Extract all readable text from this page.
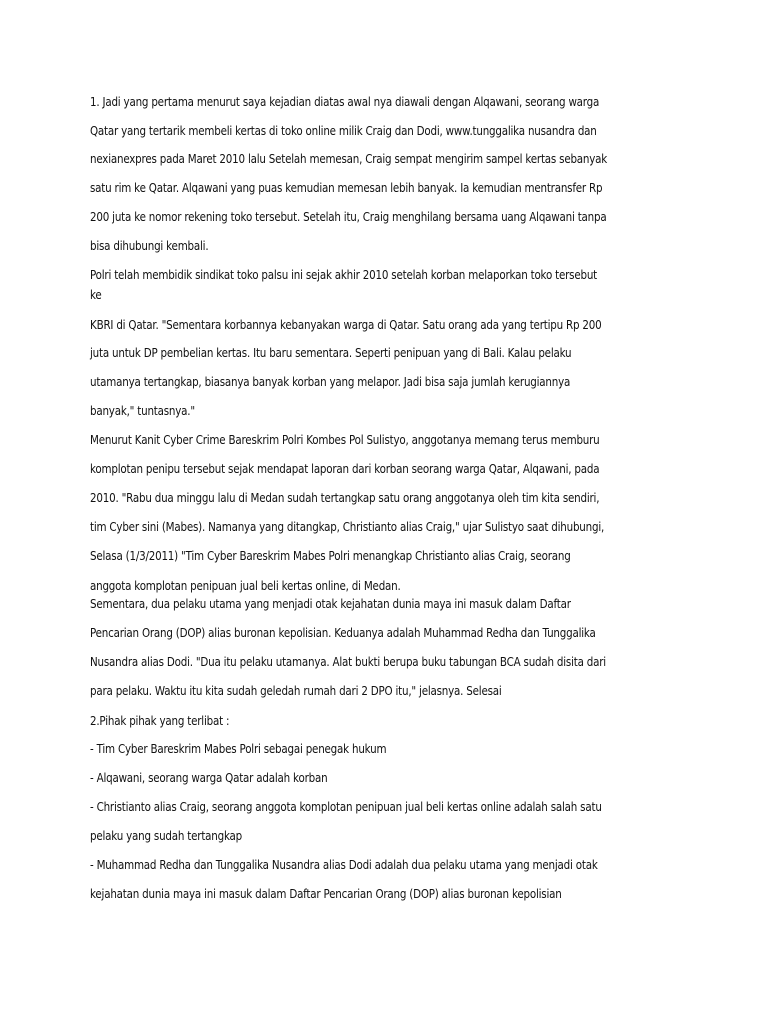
1. Jadi yang pertama menurut saya kejadian diatas awal nya diawali dengan Alqawani, seorang warga

Qatar yang tertarik membeli kertas di toko online milik Craig dan Dodi, www.tunggalika nusandra dan

nexianexpres pada Maret 2010 lalu Setelah memesan, Craig sempat mengirim sampel kertas sebanyak

satu rim ke Qatar. Alqawani yang puas kemudian memesan lebih banyak. Ia kemudian mentransfer Rp

200 juta ke nomor rekening toko tersebut. Setelah itu, Craig menghilang bersama uang Alqawani tanpa

bisa dihubungi kembali.

Polri telah membidik sindikat toko palsu ini sejak akhir 2010 setelah korban melaporkan toko tersebut

ke

KBRI di Qatar. "Sementara korbannya kebanyakan warga di Qatar. Satu orang ada yang tertipu Rp 200

juta untuk DP pembelian kertas. Itu baru sementara. Seperti penipuan yang di Bali. Kalau pelaku

utamanya tertangkap, biasanya banyak korban yang melapor. Jadi bisa saja jumlah kerugiannya

banyak," tuntasnya."

Menurut Kanit Cyber Crime Bareskrim Polri Kombes Pol Sulistyo, anggotanya memang terus memburu

komplotan penipu tersebut sejak mendapat laporan dari korban seorang warga Qatar, Alqawani, pada

2010. "Rabu dua minggu lalu di Medan sudah tertangkap satu orang anggotanya oleh tim kita sendiri,

tim Cyber sini (Mabes). Namanya yang ditangkap, Christianto alias Craig," ujar Sulistyo saat dihubungi,

Selasa (1/3/2011) "Tim Cyber Bareskrim Mabes Polri menangkap Christianto alias Craig, seorang

anggota komplotan penipuan jual beli kertas online, di Medan.

Sementara, dua pelaku utama yang menjadi otak kejahatan dunia maya ini masuk dalam Daftar

Pencarian Orang (DOP) alias buronan kepolisian. Keduanya adalah Muhammad Redha dan Tunggalika

Nusandra alias Dodi. "Dua itu pelaku utamanya. Alat bukti berupa buku tabungan BCA sudah disita dari

para pelaku. Waktu itu kita sudah geledah rumah dari 2 DPO itu," jelasnya. Selesai

2.Pihak pihak yang terlibat :

- Tim Cyber Bareskrim Mabes Polri sebagai penegak hukum

- Alqawani, seorang warga Qatar adalah korban

- Christianto alias Craig, seorang anggota komplotan penipuan jual beli kertas online adalah salah satu

pelaku yang sudah tertangkap

- Muhammad Redha dan Tunggalika Nusandra alias Dodi adalah dua pelaku utama yang menjadi otak

kejahatan dunia maya ini masuk dalam Daftar Pencarian Orang (DOP) alias buronan kepolisian
